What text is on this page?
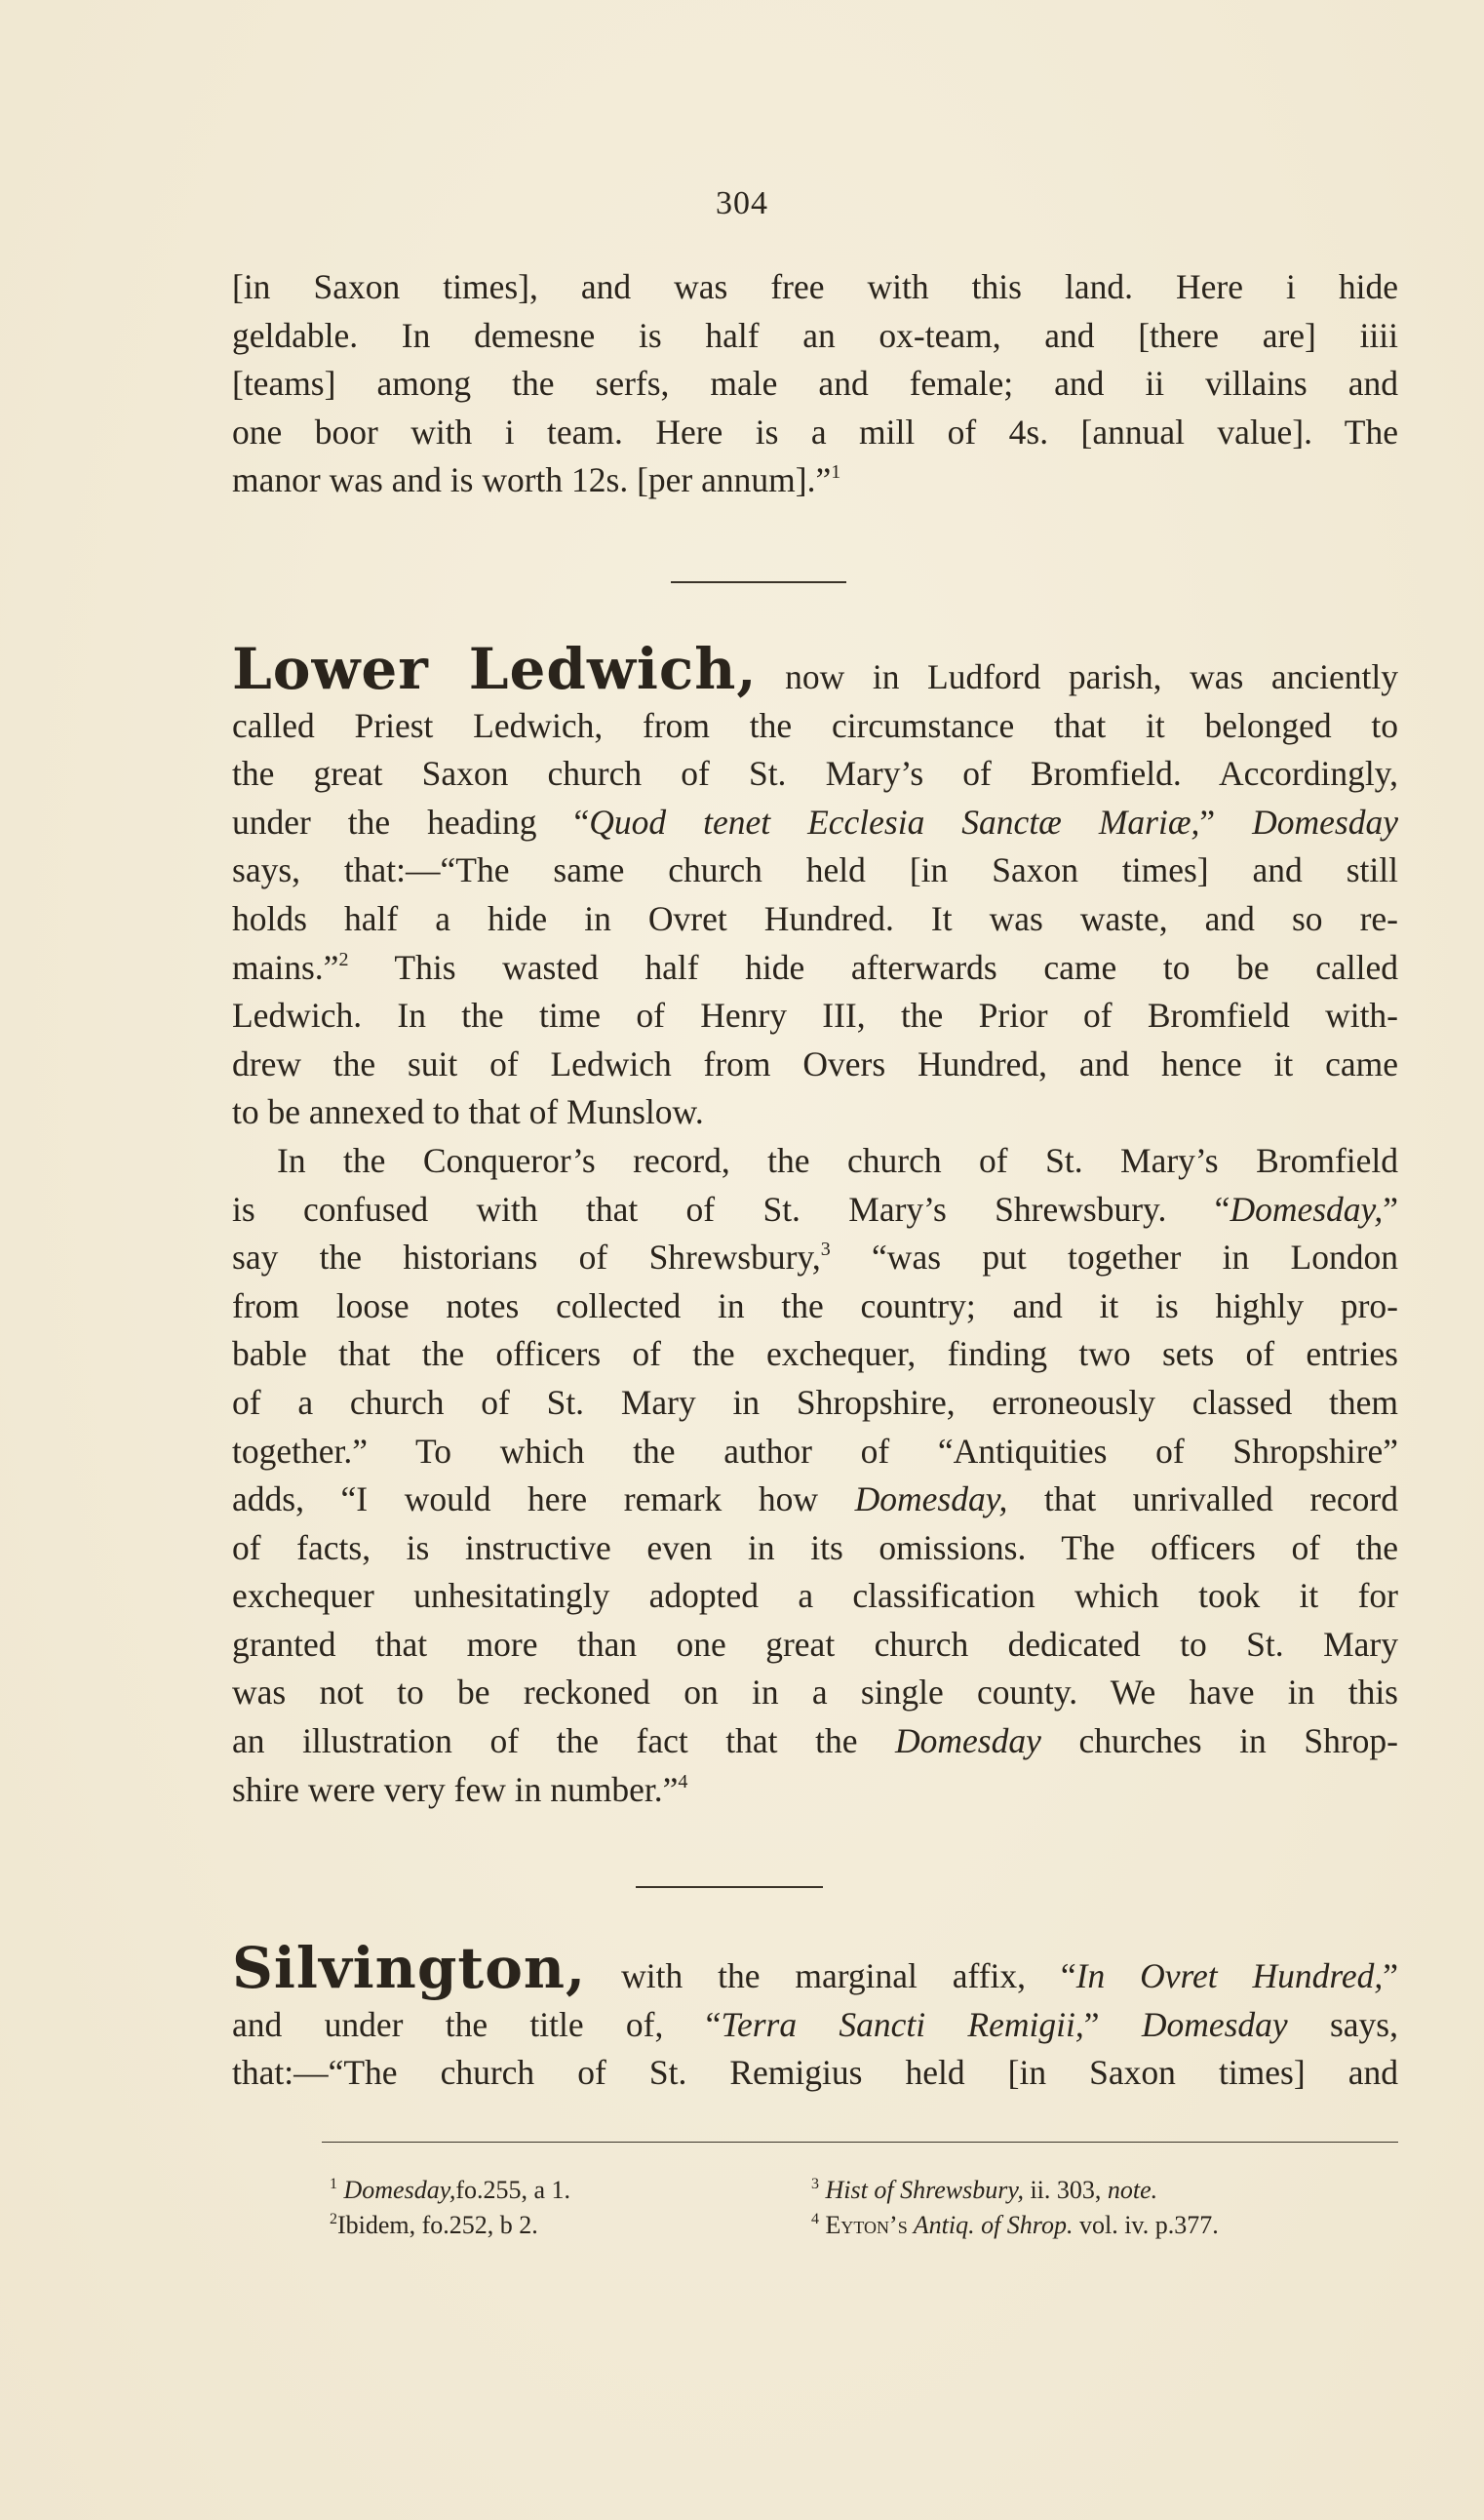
304
[in Saxon times], and was free with this land. Here i hide
geldable. In demesne is half an ox-team, and [there are] iiii
[teams] among the serfs, male and female; and ii villains and
one boor with i team. Here is a mill of 4s. [annual value]. The
manor was and is worth 12s. [per annum].”$^1$
Lower Ledwich, now in Ludford parish, was anciently
called Priest Ledwich, from the circumstance that it belonged to
the great Saxon church of St. Mary’s of Bromfield. Accordingly,
under the heading “Quod tenet Ecclesia Sanctæ Mariæ,” Domesday
says, that:—“The same church held [in Saxon times] and still
holds half a hide in Ovret Hundred. It was waste, and so re-
mains.”$^2$ This wasted half hide afterwards came to be called
Ledwich. In the time of Henry III, the Prior of Bromfield with-
drew the suit of Ledwich from Overs Hundred, and hence it came
to be annexed to that of Munslow.
In the Conqueror’s record, the church of St. Mary’s Bromfield
is confused with that of St. Mary’s Shrewsbury. “Domesday,”
say the historians of Shrewsbury,$^3$ “was put together in London
from loose notes collected in the country; and it is highly pro-
bable that the officers of the exchequer, finding two sets of entries
of a church of St. Mary in Shropshire, erroneously classed them
together.” To which the author of “Antiquities of Shropshire”
adds, “I would here remark how Domesday, that unrivalled record
of facts, is instructive even in its omissions. The officers of the
exchequer unhesitatingly adopted a classification which took it for
granted that more than one great church dedicated to St. Mary
was not to be reckoned on in a single county. We have in this
an illustration of the fact that the Domesday churches in Shrop-
shire were very few in number.”$^4$
Silvington, with the marginal affix, “In Ovret Hundred,”
and under the title of, “Terra Sancti Remigii,” Domesday says,
that:—“The church of St. Remigius held [in Saxon times] and
$^1$ Domesday,fo.255, a 1.
$^2$Ibidem, fo.252, b 2.
$^3$ Hist of Shrewsbury, ii. 303, note.
$^4$ Eyton’s Antiq. of Shrop. vol. iv. p.377.
